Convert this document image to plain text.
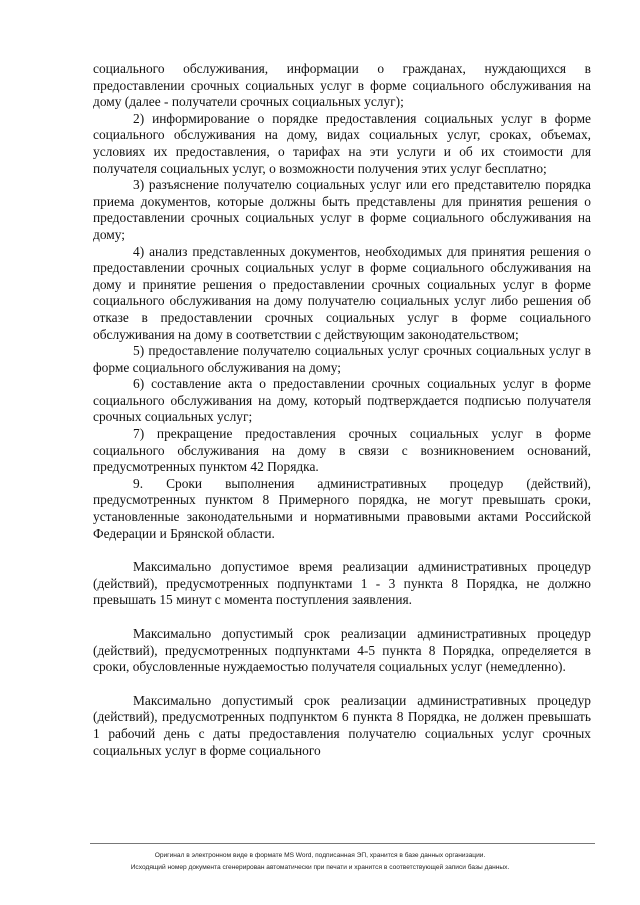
социального обслуживания, информации о гражданах, нуждающихся в предоставлении срочных социальных услуг в форме социального обслуживания на дому (далее - получатели срочных социальных услуг);

2) информирование о порядке предоставления социальных услуг в форме социального обслуживания на дому, видах социальных услуг, сроках, объемах, условиях их предоставления, о тарифах на эти услуги и об их стоимости для получателя социальных услуг, о возможности получения этих услуг бесплатно;

3) разъяснение получателю социальных услуг или его представителю порядка приема документов, которые должны быть представлены для принятия решения о предоставлении срочных социальных услуг в форме социального обслуживания на дому;

4) анализ представленных документов, необходимых для принятия решения о предоставлении срочных социальных услуг в форме социального обслуживания на дому и принятие решения о предоставлении срочных социальных услуг в форме социального обслуживания на дому получателю социальных услуг либо решения об отказе в предоставлении срочных социальных услуг в форме социального обслуживания на дому в соответствии с действующим законодательством;

5) предоставление получателю социальных услуг срочных социальных услуг в форме социального обслуживания на дому;

6) составление акта о предоставлении срочных социальных услуг в форме социального обслуживания на дому, который подтверждается подписью получателя срочных социальных услуг;

7) прекращение предоставления срочных социальных услуг в форме социального обслуживания на дому в связи с возникновением оснований, предусмотренных пунктом 42 Порядка.

9. Сроки выполнения административных процедур (действий), предусмотренных пунктом 8 Примерного порядка, не могут превышать сроки, установленные законодательными и нормативными правовыми актами Российской Федерации и Брянской области.

Максимально допустимое время реализации административных процедур (действий), предусмотренных подпунктами 1 - 3 пункта 8 Порядка, не должно превышать 15 минут с момента поступления заявления.

Максимально допустимый срок реализации административных процедур (действий), предусмотренных подпунктами 4-5 пункта 8 Порядка, определяется в сроки, обусловленные нуждаемостью получателя социальных услуг (немедленно).

Максимально допустимый срок реализации административных процедур (действий), предусмотренных подпунктом 6 пункта 8 Порядка, не должен превышать 1 рабочий день с даты предоставления получателю социальных услуг срочных социальных услуг в форме социального

Оригинал в электронном виде в формате MS Word, подписанная ЭП, хранится в базе данных организации.
Исходящий номер документа сгенерирован автоматически при печати и хранится в соответствующей записи базы данных.
